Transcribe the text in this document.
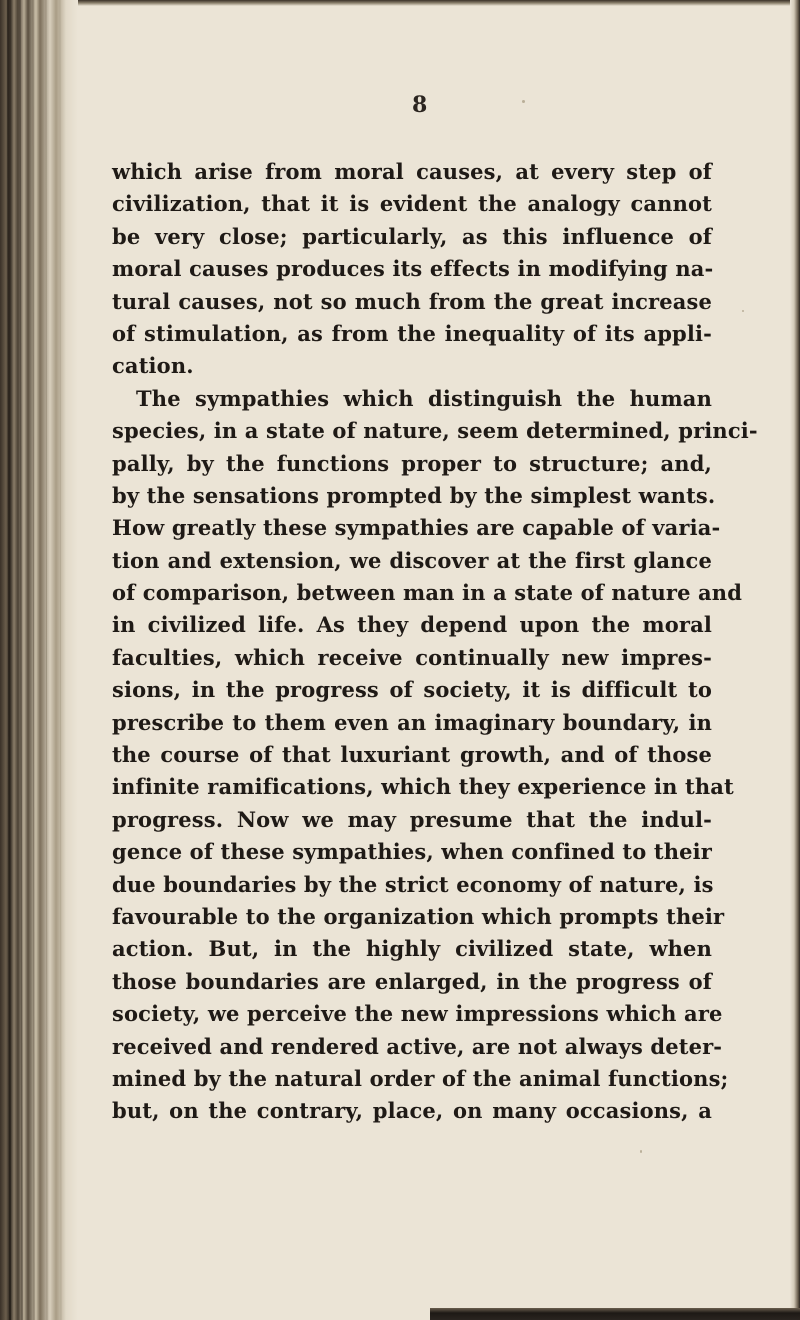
8
which arise from moral causes, at every step of
civilization, that it is evident the analogy cannot
be very close; particularly, as this influence of
moral causes produces its effects in modifying na-
tural causes, not so much from the great increase
of stimulation, as from the inequality of its appli-
cation.
The sympathies which distinguish the human
species, in a state of nature, seem determined, princi-
pally, by the functions proper to structure; and,
by the sensations prompted by the simplest wants.
How greatly these sympathies are capable of varia-
tion and extension, we discover at the first glance
of comparison, between man in a state of nature and
in civilized life. As they depend upon the moral
faculties, which receive continually new impres-
sions, in the progress of society, it is difficult to
prescribe to them even an imaginary boundary, in
the course of that luxuriant growth, and of those
infinite ramifications, which they experience in that
progress. Now we may presume that the indul-
gence of these sympathies, when confined to their
due boundaries by the strict economy of nature, is
favourable to the organization which prompts their
action. But, in the highly civilized state, when
those boundaries are enlarged, in the progress of
society, we perceive the new impressions which are
received and rendered active, are not always deter-
mined by the natural order of the animal functions;
but, on the contrary, place, on many occasions, a
